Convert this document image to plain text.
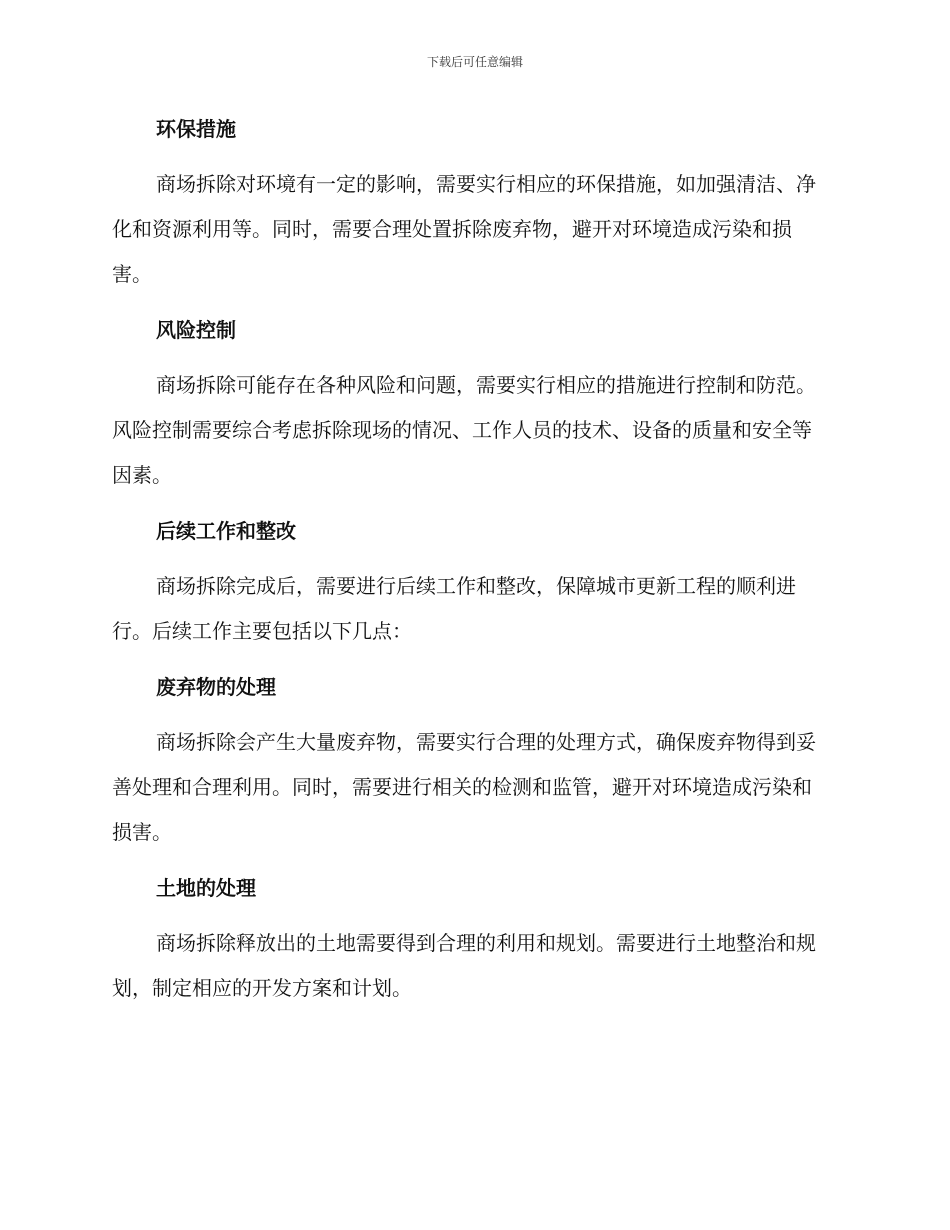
下载后可任意编辑
环保措施

商场拆除对环境有一定的影响，需要实行相应的环保措施，如加强清洁、净化和资源利用等。同时，需要合理处置拆除废弃物，避开对环境造成污染和损害。

风险控制

商场拆除可能存在各种风险和问题，需要实行相应的措施进行控制和防范。风险控制需要综合考虑拆除现场的情况、工作人员的技术、设备的质量和安全等因素。

后续工作和整改

商场拆除完成后，需要进行后续工作和整改，保障城市更新工程的顺利进行。后续工作主要包括以下几点：

废弃物的处理

商场拆除会产生大量废弃物，需要实行合理的处理方式，确保废弃物得到妥善处理和合理利用。同时，需要进行相关的检测和监管，避开对环境造成污染和损害。

土地的处理

商场拆除释放出的土地需要得到合理的利用和规划。需要进行土地整治和规划，制定相应的开发方案和计划。
